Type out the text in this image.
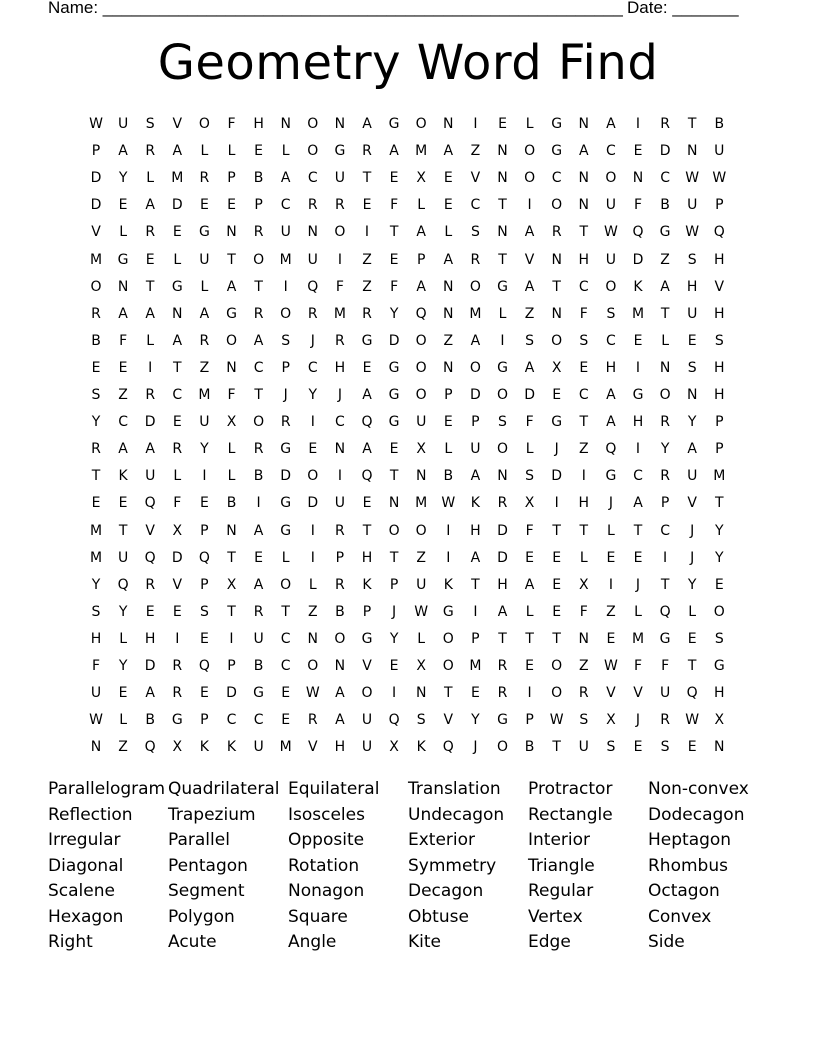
Name: _______________________________________________________ Date: _______
Geometry Word Find
W	U	S	V	O	F	H	N	O	N	A	G	O	N	I	E	L	G	N	A	I	R	T	B
P	A	R	A	L	L	E	L	O	G	R	A	M	A	Z	N	O	G	A	C	E	D	N	U
D	Y	L	M	R	P	B	A	C	U	T	E	X	E	V	N	O	C	N	O	N	C	W W
D	E	A	D	E	E	P	C	R	R	E	F	L	E	C	T	I	O	N	U	F	B	U	P
V	L	R	E	G	N	R	U	N	O	I	T	A	L	S	N	A	R	T	W	Q	G	W	Q
M	G	E	L	U	T	O	M	U	I	Z	E	P	A	R	T	V	N	H	U	D	Z	S	H
O	N	T	G	L	A	T	I	Q	F	Z	F	A	N	O	G	A	T	C	O	K	A	H	V
R	A	A	N	A	G	R	O	R	M	R	Y	Q	N	M	L	Z	N	F	S	M	T	U	H
B	F	L	A	R	O	A	S	J	R	G	D	O	Z	A	I	S	O	S	C	E	L	E	S
E	E	I	T	Z	N	C	P	C	H	E	G	O	N	O	G	A	X	E	H	I	N	S	H
S	Z	R	C	M	F	T	J	Y	J	A	G	O	P	D	O	D	E	C	A	G	O	N	H
Y	C	D	E	U	X	O	R	I	C	Q	G	U	E	P	S	F	G	T	A	H	R	Y	P
R	A	A	R	Y	L	R	G	E	N	A	E	X	L	U	O	L	J	Z	Q	I	Y	A	P
T	K	U	L	I	L	B	D	O	I	Q	T	N	B	A	N	S	D	I	G	C	R	U	M
E	E	Q	F	E	B	I	G	D	U	E	N	M W	K	R	X	I	H	J	A	P	V	T
M	T	V	X	P	N	A	G	I	R	T	O	O	I	H	D	F	T	T	L	T	C	J	Y
M	U	Q	D	Q	T	E	L	I	P	H	T	Z	I	A	D	E	E	L	E	E	I	J	Y
Y	Q	R	V	P	X	A	O	L	R	K	P	U	K	T	H	A	E	X	I	J	T	Y	E
S	Y	E	E	S	T	R	T	Z	B	P	J	W	G	I	A	L	E	F	Z	L	Q	L	O
H	L	H	I	E	I	U	C	N	O	G	Y	L	O	P	T	T	T	N	E	M	G	E	S
F	Y	D	R	Q	P	B	C	O	N	V	E	X	O	M	R	E	O	Z	W	F	F	T	G
U	E	A	R	E	D	G	E	W	A	O	I	N	T	E	R	I	O	R	V	V	U	Q	H
W	L	B	G	P	C	C	E	R	A	U	Q	S	V	Y	G	P	W	S	X	J	R	W	X
N	Z	Q	X	K	K	U	M	V	H	U	X	K	Q	J	O	B	T	U	S	E	S	E	N
Parallelogram Quadrilateral Equilateral Translation Protractor Non-convex
Reflection Trapezium Isosceles	Undecagon Rectangle Dodecagon
Irregular	Parallel	Opposite	Exterior	Interior	Heptagon
Diagonal	Pentagon Rotation	Symmetry Triangle	Rhombus
Scalene	Segment	Nonagon	Decagon	Regular	Octagon
Hexagon	Polygon	Square	Obtuse	Vertex	Convex
Right	Acute	Angle	Kite	Edge	Side
